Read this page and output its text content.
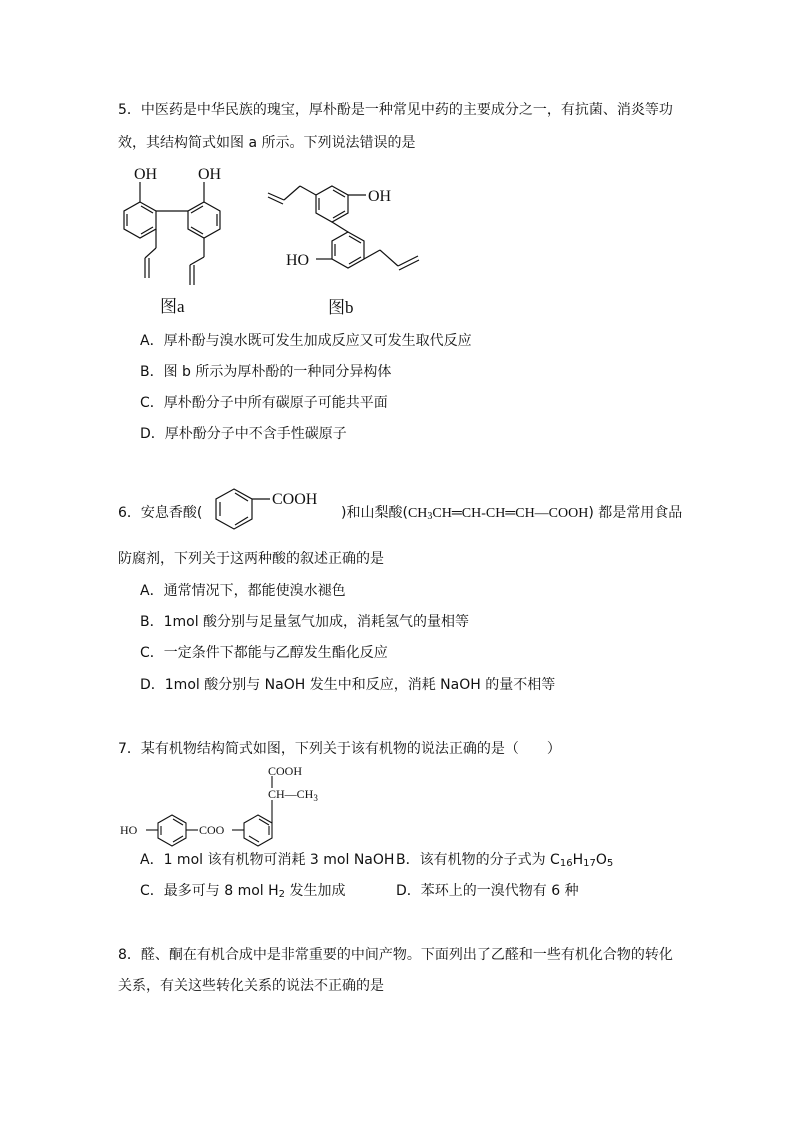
5．中医药是中华民族的瑰宝，厚朴酚是一种常见中药的主要成分之一，有抗菌、消炎等功
效，其结构简式如图 a 所示。下列说法错误的是
OH	OH
图a
OH
HO
图b
A．厚朴酚与溴水既可发生加成反应又可发生取代反应
B．图 b 所示为厚朴酚的一种同分异构体
C．厚朴酚分子中所有碳原子可能共平面
D．厚朴酚分子中不含手性碳原子
6．安息香酸(
COOH
)和山梨酸$(CH_3CH═CH-CH═CH—COOH)$ 都是常用食品
防腐剂，下列关于这两种酸的叙述正确的是
A．通常情况下，都能使溴水褪色
B．1mol 酸分别与足量氢气加成，消耗氢气的量相等
C．一定条件下都能与乙醇发生酯化反应
D．1mol 酸分别与 NaOH 发生中和反应，消耗 NaOH 的量不相等
7．某有机物结构简式如图，下列关于该有机物的说法正确的是（　　）
COOH
$CH—CH_3$
HO	COO
A．1 mol 该有机物可消耗 3 mol NaOH B．该有机物的分子式为 $C_{16}H_{17}O_5$
C．最多可与 8 mol $H_2$ 发生加成	D．苯环上的一溴代物有 6 种
8．醛、酮在有机合成中是非常重要的中间产物。下面列出了乙醛和一些有机化合物的转化
关系，有关这些转化关系的说法不正确的是
